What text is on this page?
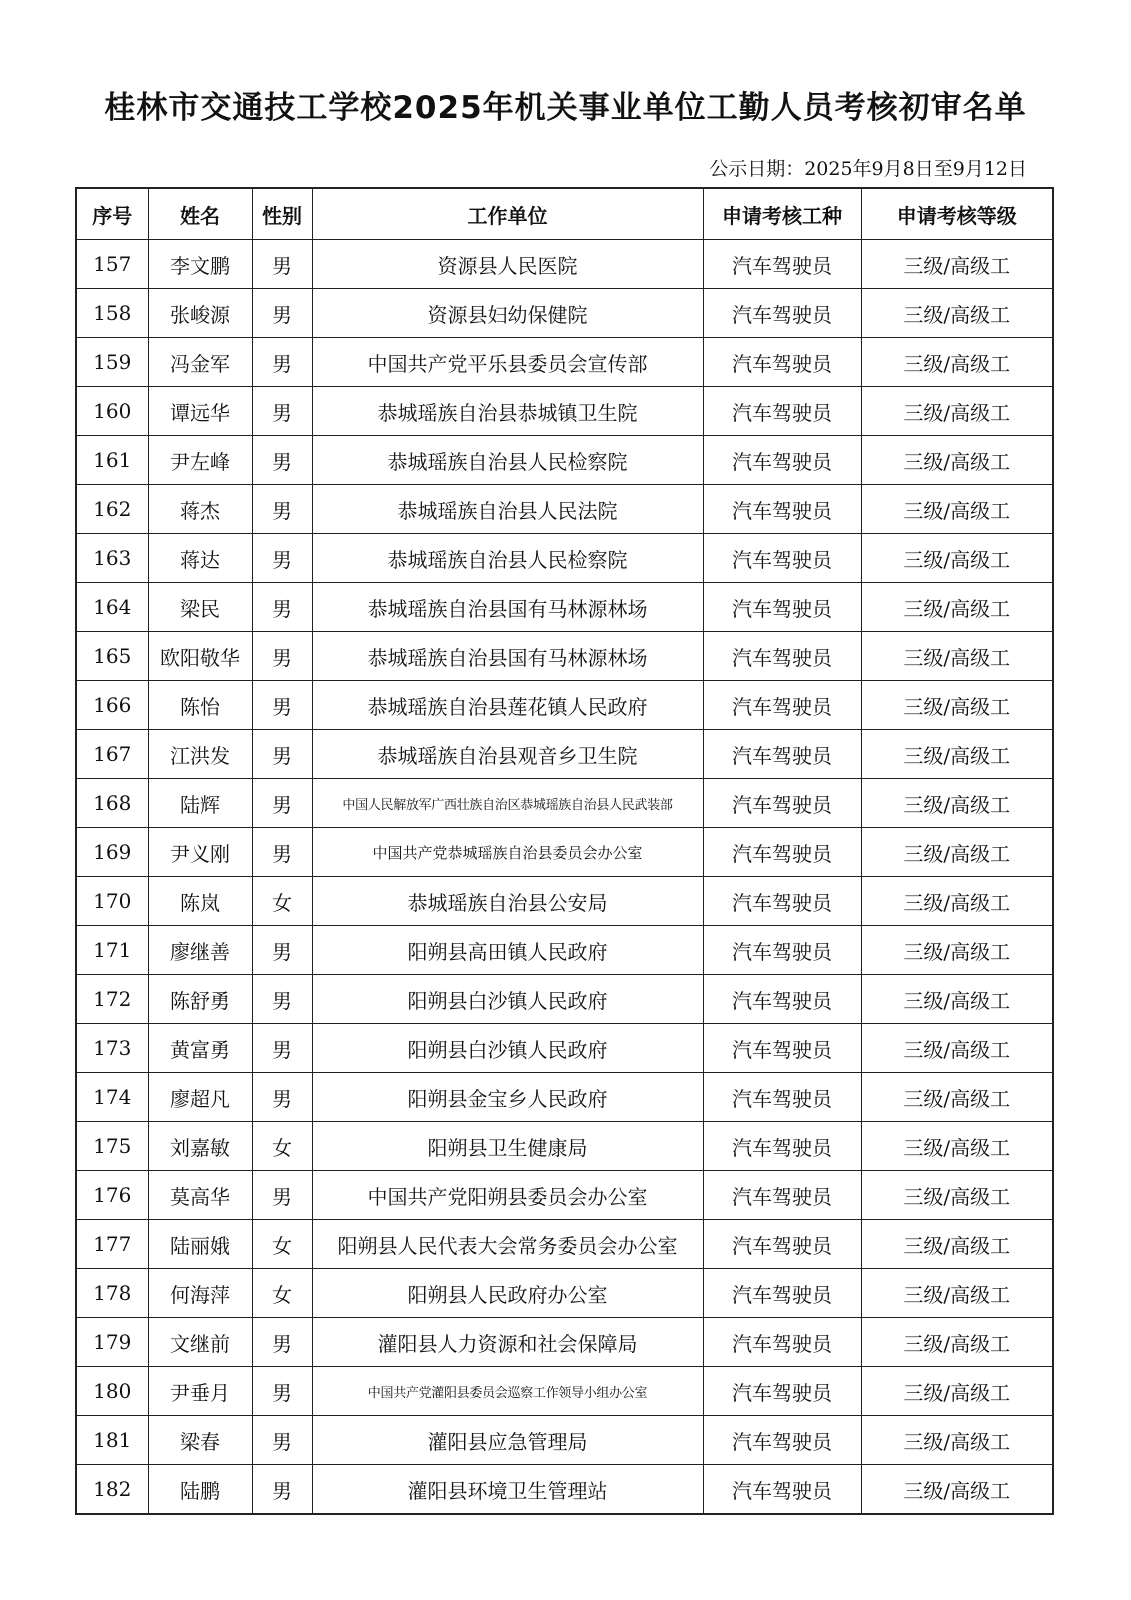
桂林市交通技工学校2025年机关事业单位工勤人员考核初审名单
公示日期：2025年9月8日至9月12日
序号	姓名	性别	工作单位	申请考核工种	申请考核等级
157	李文鹏	男	资源县人民医院	汽车驾驶员	三级/高级工
158	张峻源	男	资源县妇幼保健院	汽车驾驶员	三级/高级工
159	冯金军	男	中国共产党平乐县委员会宣传部	汽车驾驶员	三级/高级工
160	谭远华	男	恭城瑶族自治县恭城镇卫生院	汽车驾驶员	三级/高级工
161	尹左峰	男	恭城瑶族自治县人民检察院	汽车驾驶员	三级/高级工
162	蒋杰	男	恭城瑶族自治县人民法院	汽车驾驶员	三级/高级工
163	蒋达	男	恭城瑶族自治县人民检察院	汽车驾驶员	三级/高级工
164	梁民	男	恭城瑶族自治县国有马林源林场	汽车驾驶员	三级/高级工
165	欧阳敬华	男	恭城瑶族自治县国有马林源林场	汽车驾驶员	三级/高级工
166	陈怡	男	恭城瑶族自治县莲花镇人民政府	汽车驾驶员	三级/高级工
167	江洪发	男	恭城瑶族自治县观音乡卫生院	汽车驾驶员	三级/高级工
168	陆辉	男	中国人民解放军广西壮族自治区恭城瑶族自治县人民武装部	汽车驾驶员	三级/高级工
169	尹义刚	男	中国共产党恭城瑶族自治县委员会办公室	汽车驾驶员	三级/高级工
170	陈岚	女	恭城瑶族自治县公安局	汽车驾驶员	三级/高级工
171	廖继善	男	阳朔县高田镇人民政府	汽车驾驶员	三级/高级工
172	陈舒勇	男	阳朔县白沙镇人民政府	汽车驾驶员	三级/高级工
173	黄富勇	男	阳朔县白沙镇人民政府	汽车驾驶员	三级/高级工
174	廖超凡	男	阳朔县金宝乡人民政府	汽车驾驶员	三级/高级工
175	刘嘉敏	女	阳朔县卫生健康局	汽车驾驶员	三级/高级工
176	莫高华	男	中国共产党阳朔县委员会办公室	汽车驾驶员	三级/高级工
177	陆丽娥	女	阳朔县人民代表大会常务委员会办公室	汽车驾驶员	三级/高级工
178	何海萍	女	阳朔县人民政府办公室	汽车驾驶员	三级/高级工
179	文继前	男	灌阳县人力资源和社会保障局	汽车驾驶员	三级/高级工
180	尹垂月	男	中国共产党灌阳县委员会巡察工作领导小组办公室	汽车驾驶员	三级/高级工
181	梁春	男	灌阳县应急管理局	汽车驾驶员	三级/高级工
182	陆鹏	男	灌阳县环境卫生管理站	汽车驾驶员	三级/高级工
